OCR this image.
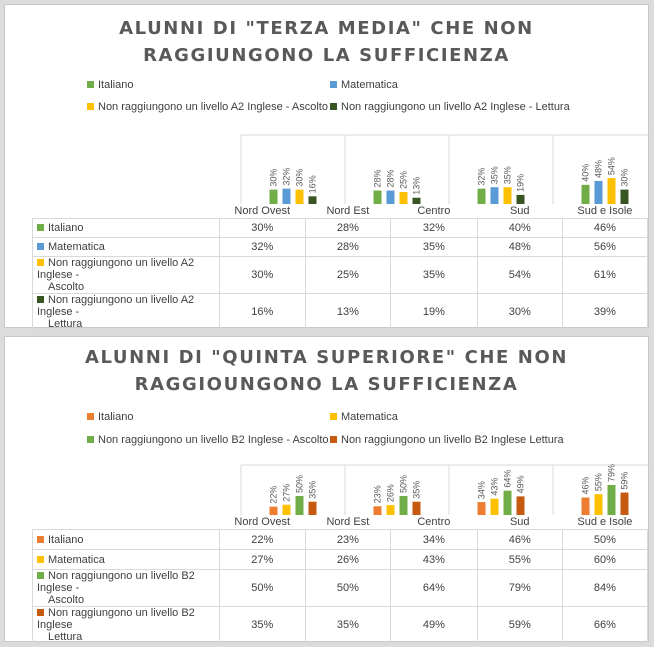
ALUNNI DI "TERZA MEDIA" CHE NON
RAGGIUNGONO LA SUFFICIENZA
Italiano	Matematica
Non raggiungono un livello A2 Inglese - Ascolto	Non raggiungono un livello A2 Inglese - Lettura
30% 32% 30% 16%	28% 28% 25% 13%
32% 35% 35% 19%
40% 48% 54%
30%
	Nord Ovest	Nord Est	Centro	Sud	Sud e Isole
Italiano	30%	28%	32%	40%	46%
Matematica	32%	28%	35%	48%	56%
Non raggiungono un livello A2 Inglese -
Ascolto	30%	25%	35%	54%	61%
Non raggiungono un livello A2 Inglese -
Lettura	16%	13%	19%	30%	39%
ALUNNI DI "QUINTA SUPERIORE" CHE NON
RAGGIOUNGONO LA SUFFICIENZA
Italiano	Matematica
Non raggiungono un livello B2 Inglese - Ascolto	Non raggiungono un livello B2 Inglese Lettura
22% 27% 50% 35%	23% 26%
50% 35%	34% 43% 64% 49%	46% 55%
79% 59%
	Nord Ovest	Nord Est	Centro	Sud	Sud e Isole
Italiano	22%	23%	34%	46%	50%
Matematica	27%	26%	43%	55%	60%
Non raggiungono un livello B2 Inglese -
Ascolto	50%	50%	64%	79%	84%
Non raggiungono un livello B2 Inglese
Lettura	35%	35%	49%	59%	66%
